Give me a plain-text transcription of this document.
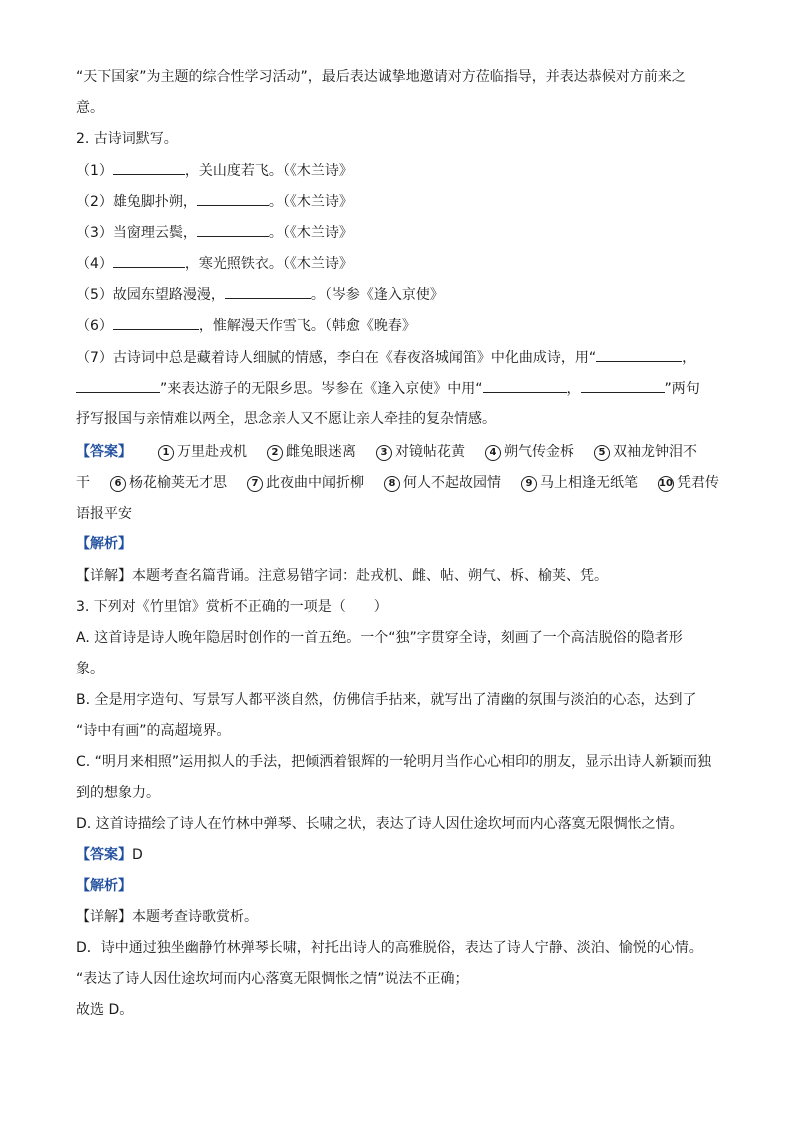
“天下国家”为主题的综合性学习活动”，最后表达诚挚地邀请对方莅临指导，并表达恭候对方前来之
意。
2. 古诗词默写。
（1）	，关山度若飞。（《木兰诗》
（2）雄兔脚扑朔，	。（《木兰诗》
（3）当窗理云鬓，	。（《木兰诗》
（4）	，寒光照铁衣。（《木兰诗》
（5）故园东望路漫漫，	。（岑参《逢入京使》
（6）	，惟解漫天作雪飞。（韩愈《晚春》
（7）古诗词中总是藏着诗人细腻的情感，李白在《春夜洛城闻笛》中化曲成诗，用“	，
”来表达游子的无限乡思。岑参在《逢入京使》中用“	，	”两句
抒写报国与亲情难以两全，思念亲人又不愿让亲人牵挂的复杂情感。
【答案】	1 万里赴戎机 2 雌兔眼迷离 3 对镜帖花黄 4 朔气传金柝 5 双袖龙钟泪不干 6 杨花榆荚无才思 7 此夜曲中闻折柳 8 何人不起故园情 9 马上相逢无纸笔 10 凭君传语报平安
【解析】
【详解】本题考查名篇背诵。注意易错字词：赴戎机、雌、帖、朔气、柝、榆荚、凭。
3. 下列对《竹里馆》赏析不正确的一项是（　　）
A. 这首诗是诗人晚年隐居时创作的一首五绝。一个“独”字贯穿全诗，刻画了一个高洁脱俗的隐者形
象。
B. 全是用字造句、写景写人都平淡自然，仿佛信手拈来，就写出了清幽的氛围与淡泊的心态，达到了
“诗中有画”的高超境界。
C. “明月来相照”运用拟人的手法，把倾洒着银辉的一轮明月当作心心相印的朋友，显示出诗人新颖而独
到的想象力。
D. 这首诗描绘了诗人在竹林中弹琴、长啸之状，表达了诗人因仕途坎坷而内心落寞无限惆怅之情。
【答案】D
【解析】
【详解】本题考查诗歌赏析。
D．诗中通过独坐幽静竹林弹琴长啸，衬托出诗人的高雅脱俗，表达了诗人宁静、淡泊、愉悦的心情。
“表达了诗人因仕途坎坷而内心落寞无限惆怅之情”说法不正确；
故选 D。
